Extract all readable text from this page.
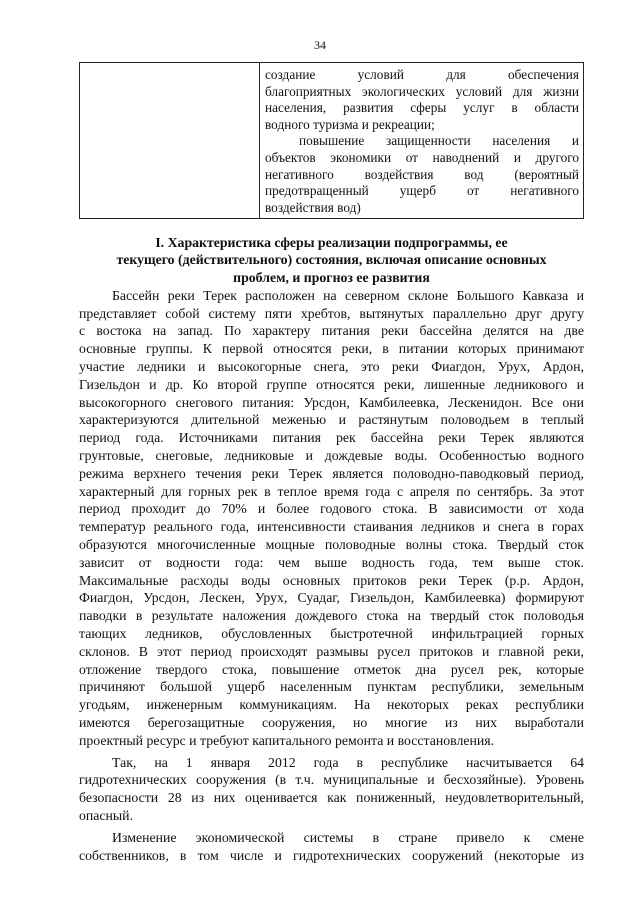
34

создание условий для обеспечения
благоприятных экологических условий для жизни
населения, развития сферы услуг в области
водного туризма и рекреации;
повышение защищенности населения и
объектов экономики от наводнений и другого
негативного воздействия вод (вероятный
предотвращенный ущерб от негативного
воздействия вод)
I. Характеристика сферы реализации подпрограммы, ее
текущего (действительного) состояния, включая описание основных
проблем, и прогноз ее развития
Бассейн реки Терек расположен на северном склоне Большого Кавказа и
представляет собой систему пяти хребтов, вытянутых параллельно друг другу
с востока на запад. По характеру питания реки бассейна делятся на две
основные группы. К первой относятся реки, в питании которых принимают
участие ледники и высокогорные снега, это реки Фиагдон, Урух, Ардон,
Гизельдон и др. Ко второй группе относятся реки, лишенные ледникового и
высокогорного снегового питания: Урсдон, Камбилеевка, Лескенидон. Все они
характеризуются длительной меженью и растянутым половодьем в теплый
период года. Источниками питания рек бассейна реки Терек являются
грунтовые, снеговые, ледниковые и дождевые воды. Особенностью водного
режима верхнего течения реки Терек является половодно-паводковый период,
характерный для горных рек в теплое время года с апреля по сентябрь. За этот
период проходит до 70% и более годового стока. В зависимости от хода
температур реального года, интенсивности стаивания ледников и снега в горах
образуются многочисленные мощные половодные волны стока. Твердый сток
зависит от водности года: чем выше водность года, тем выше сток.
Максимальные расходы воды основных притоков реки Терек (р.р. Ардон,
Фиагдон, Урсдон, Лескен, Урух, Суадаг, Гизельдон, Камбилеевка) формируют
паводки в результате наложения дождевого стока на твердый сток половодья
тающих ледников, обусловленных быстротечной инфильтрацией горных
склонов. В этот период происходят размывы русел притоков и главной реки,
отложение твердого стока, повышение отметок дна русел рек, которые
причиняют большой ущерб населенным пунктам республики, земельным
угодьям, инженерным коммуникациям. На некоторых реках республики
имеются берегозащитные сооружения, но многие из них выработали
проектный ресурс и требуют капитального ремонта и восстановления.
Так, на 1 января 2012 года в республике насчитывается 64
гидротехнических сооружения (в т.ч. муниципальные и бесхозяйные). Уровень
безопасности 28 из них оценивается как пониженный, неудовлетворительный,
опасный.
Изменение экономической системы в стране привело к смене
собственников, в том числе и гидротехнических сооружений (некоторые из
